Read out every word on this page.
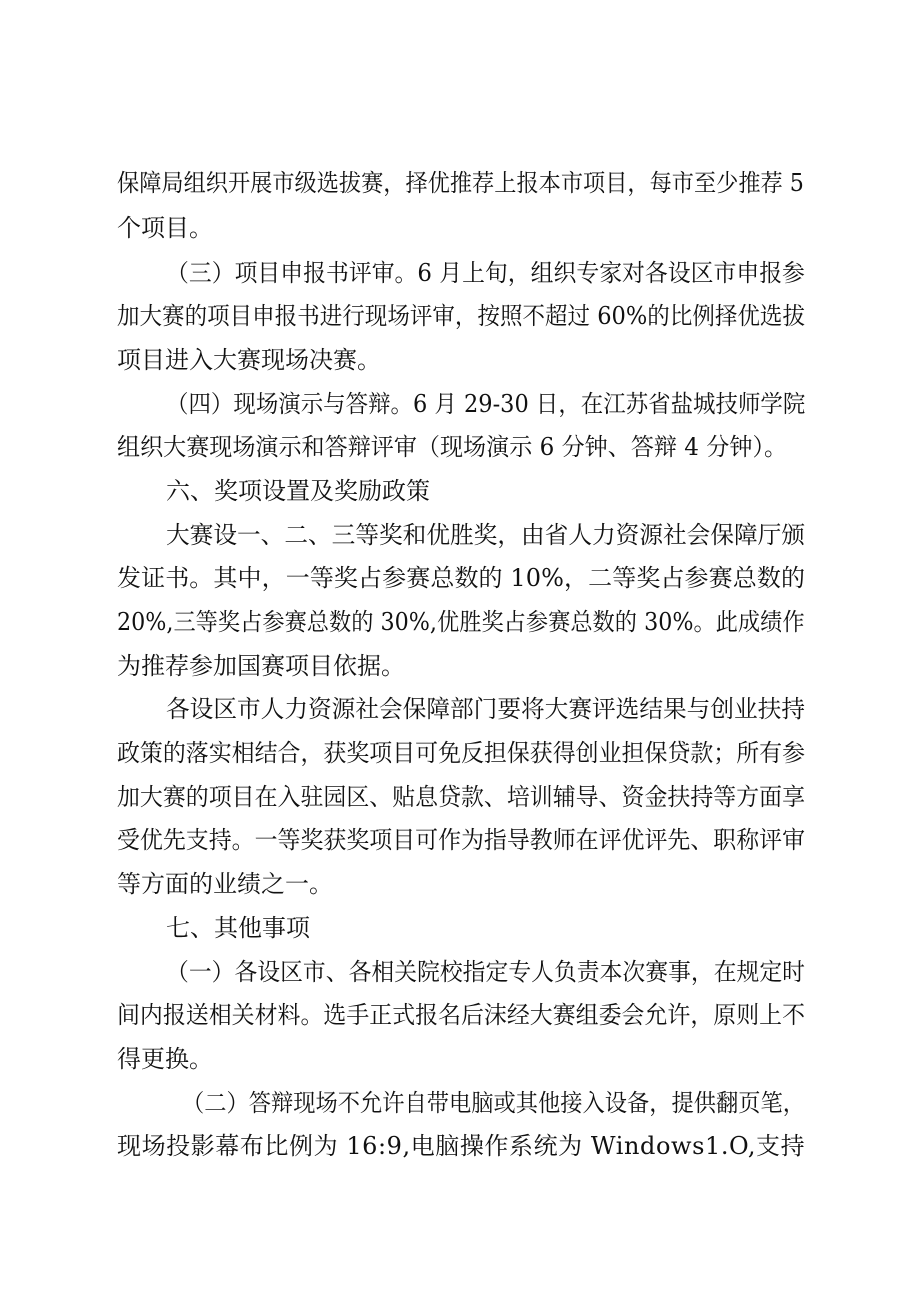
保障局组织开展市级选拔赛，择优推荐上报本市项目，每市至少推荐 5
个项目。
（三）项目申报书评审。6 月上旬，组织专家对各设区市申报参
加大赛的项目申报书进行现场评审，按照不超过 60%的比例择优选拔
项目进入大赛现场决赛。
（四）现场演示与答辩。6 月 29-30 日，在江苏省盐城技师学院
组织大赛现场演示和答辩评审（现场演示 6 分钟、答辩 4 分钟）。
六、奖项设置及奖励政策
大赛设一、二、三等奖和优胜奖，由省人力资源社会保障厅颁
发证书。其中，一等奖占参赛总数的 10%，二等奖占参赛总数的
20%,三等奖占参赛总数的 30%,优胜奖占参赛总数的 30%。此成绩作
为推荐参加国赛项目依据。
各设区市人力资源社会保障部门要将大赛评选结果与创业扶持
政策的落实相结合，获奖项目可免反担保获得创业担保贷款；所有参
加大赛的项目在入驻园区、贴息贷款、培训辅导、资金扶持等方面享
受优先支持。一等奖获奖项目可作为指导教师在评优评先、职称评审
等方面的业绩之一。
七、其他事项
（一）各设区市、各相关院校指定专人负责本次赛事，在规定时
间内报送相关材料。选手正式报名后沫经大赛组委会允许，原则上不
得更换。
（二）答辩现场不允许自带电脑或其他接入设备，提供翻页笔，
现场投影幕布比例为 16:9,电脑操作系统为 Windows1.O,支持
